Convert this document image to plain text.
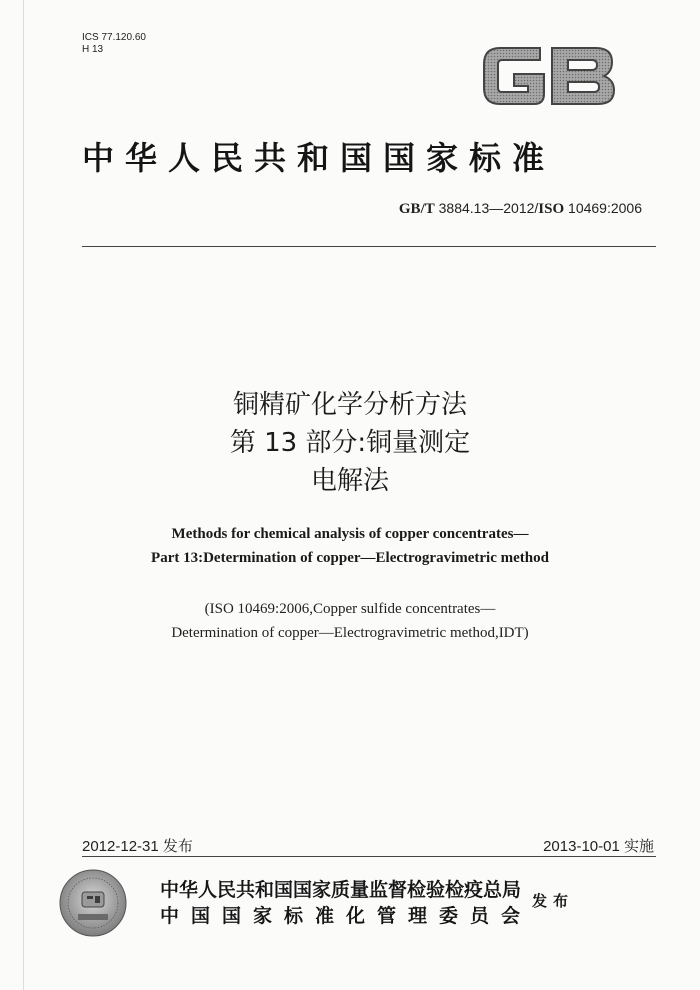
ICS 77.120.60
H 13
中华人民共和国国家标准
GB/T 3884.13—2012/ISO 10469:2006
铜精矿化学分析方法
第 13 部分:铜量测定
电解法
Methods for chemical analysis of copper concentrates—
Part 13:Determination of copper—Electrogravimetric method
(ISO 10469:2006,Copper sulfide concentrates—
Determination of copper—Electrogravimetric method,IDT)
2012-12-31 发布	2013-10-01 实施
中华人民共和国国家质量监督检验检疫总局
中国国家标准化管理委员会
发布
